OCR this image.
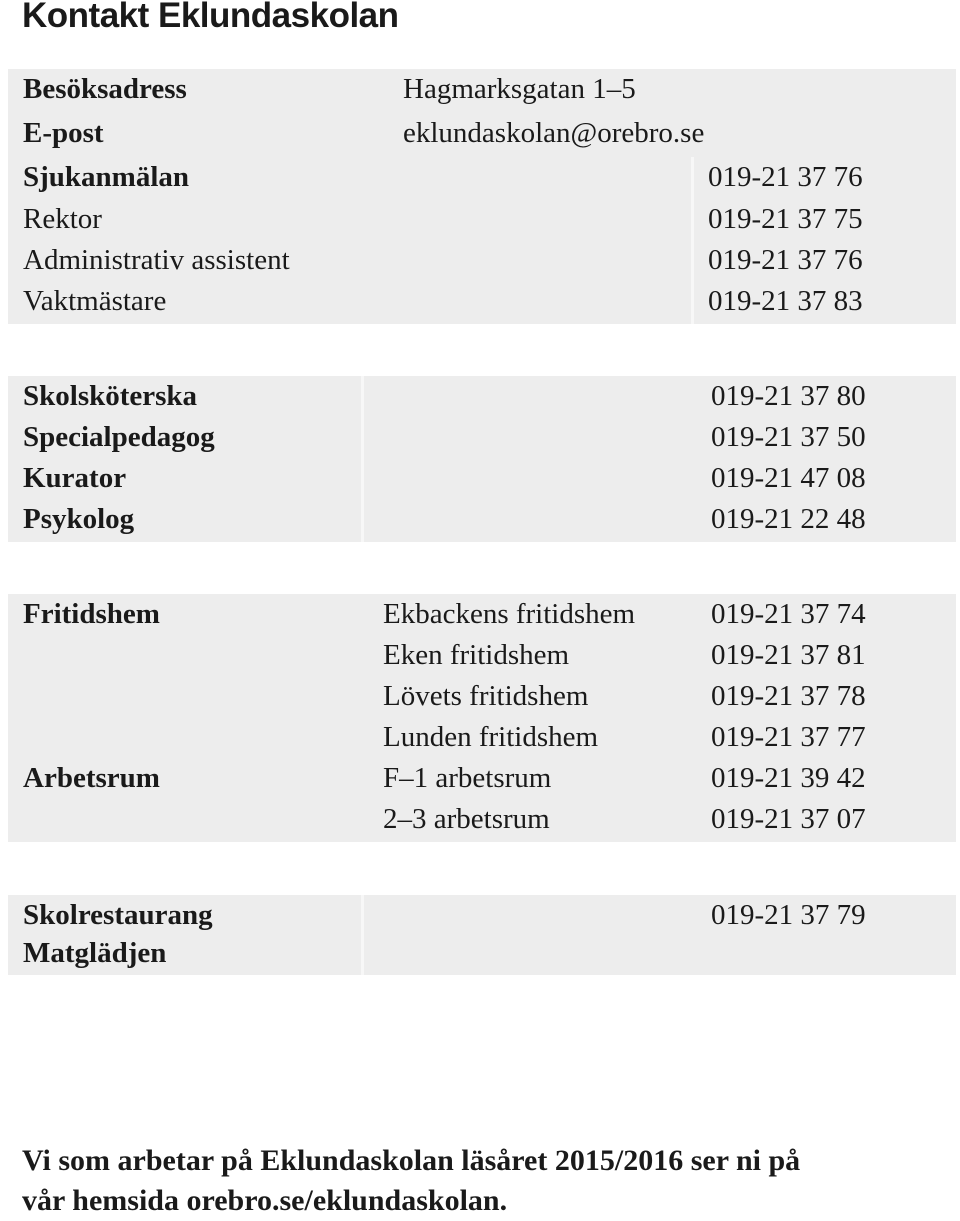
Kontakt Eklundaskolan
Besöksadress	Hagmarksgatan 1–5
E-post	eklundaskolan@orebro.se
Sjukanmälan	019-21 37 76
Rektor	019-21 37 75
Administrativ assistent	019-21 37 76
Vaktmästare	019-21 37 83
Skolsköterska	019-21 37 80
Specialpedagog	019-21 37 50
Kurator	019-21 47 08
Psykolog	019-21 22 48
Fritidshem	Ekbackens fritidshem	019-21 37 74
Eken fritidshem	019-21 37 81
Lövets fritidshem	019-21 37 78
Lunden fritidshem	019-21 37 77
Arbetsrum	F–1 arbetsrum	019-21 39 42
2–3 arbetsrum	019-21 37 07
Skolrestaurang	019-21 37 79
Matglädjen
Vi som arbetar på Eklundaskolan läsåret 2015/2016 ser ni på
vår hemsida orebro.se/eklundaskolan.
